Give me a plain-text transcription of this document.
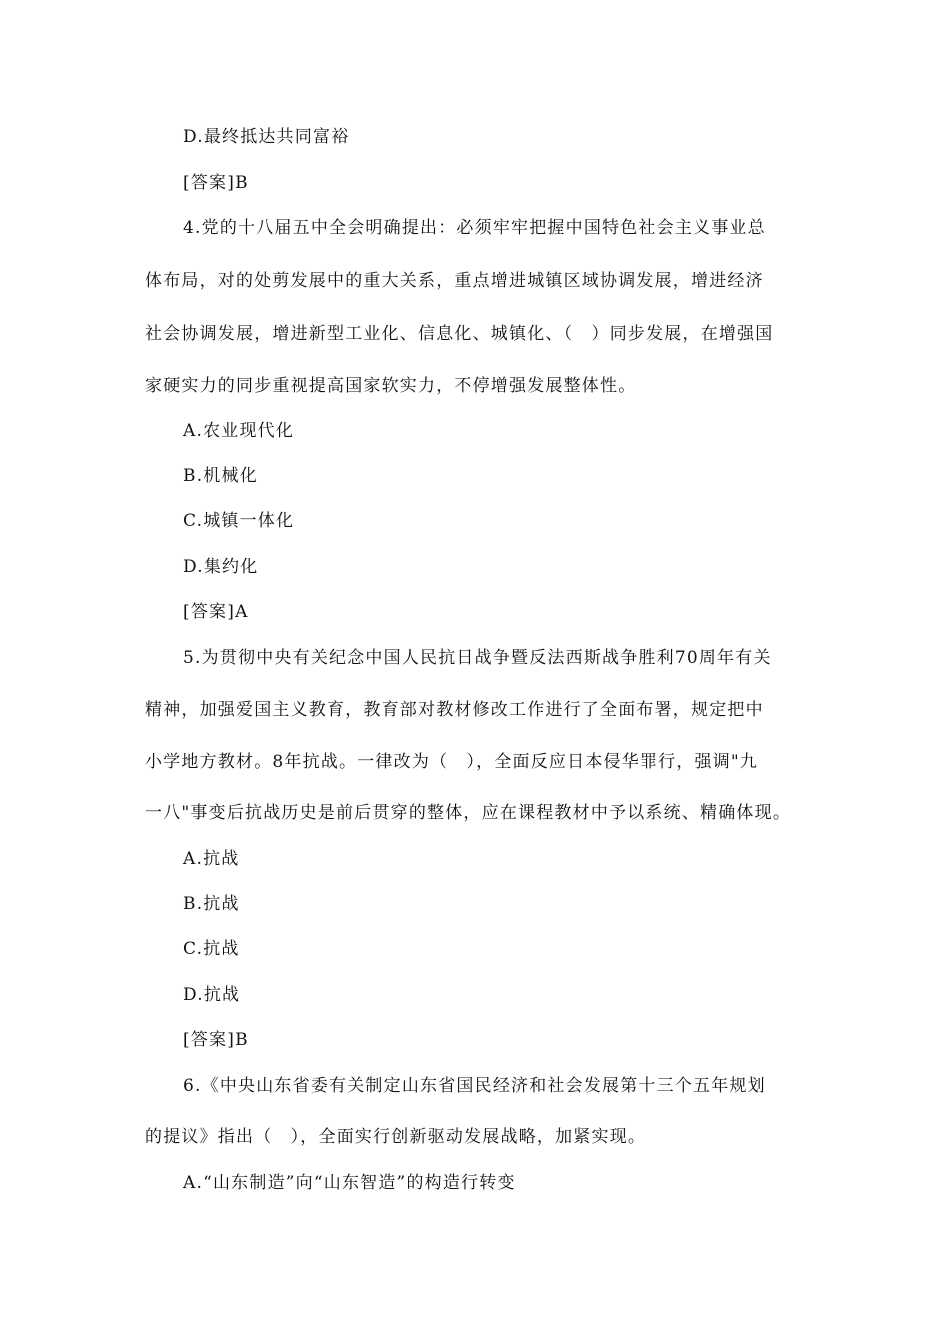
D.最终抵达共同富裕
[答案]B
4.党的十八届五中全会明确提出：必须牢牢把握中国特色社会主义事业总
体布局，对的处剪发展中的重大关系，重点增进城镇区域协调发展，增进经济
社会协调发展，增进新型工业化、信息化、城镇化、（　）同步发展，在增强国
家硬实力的同步重视提高国家软实力，不停增强发展整体性。
A.农业现代化
B.机械化
C.城镇一体化
D.集约化
[答案]A
5.为贯彻中央有关纪念中国人民抗日战争暨反法西斯战争胜利70周年有关
精神，加强爱国主义教育，教育部对教材修改工作进行了全面布署，规定把中
小学地方教材。8年抗战。一律改为（　），全面反应日本侵华罪行，强调"九
一八"事变后抗战历史是前后贯穿的整体，应在课程教材中予以系统、精确体现。
A.抗战
B.抗战
C.抗战
D.抗战
[答案]B
6.《中央山东省委有关制定山东省国民经济和社会发展第十三个五年规划
的提议》指出（　），全面实行创新驱动发展战略，加紧实现。
A.“山东制造”向“山东智造”的构造行转变
